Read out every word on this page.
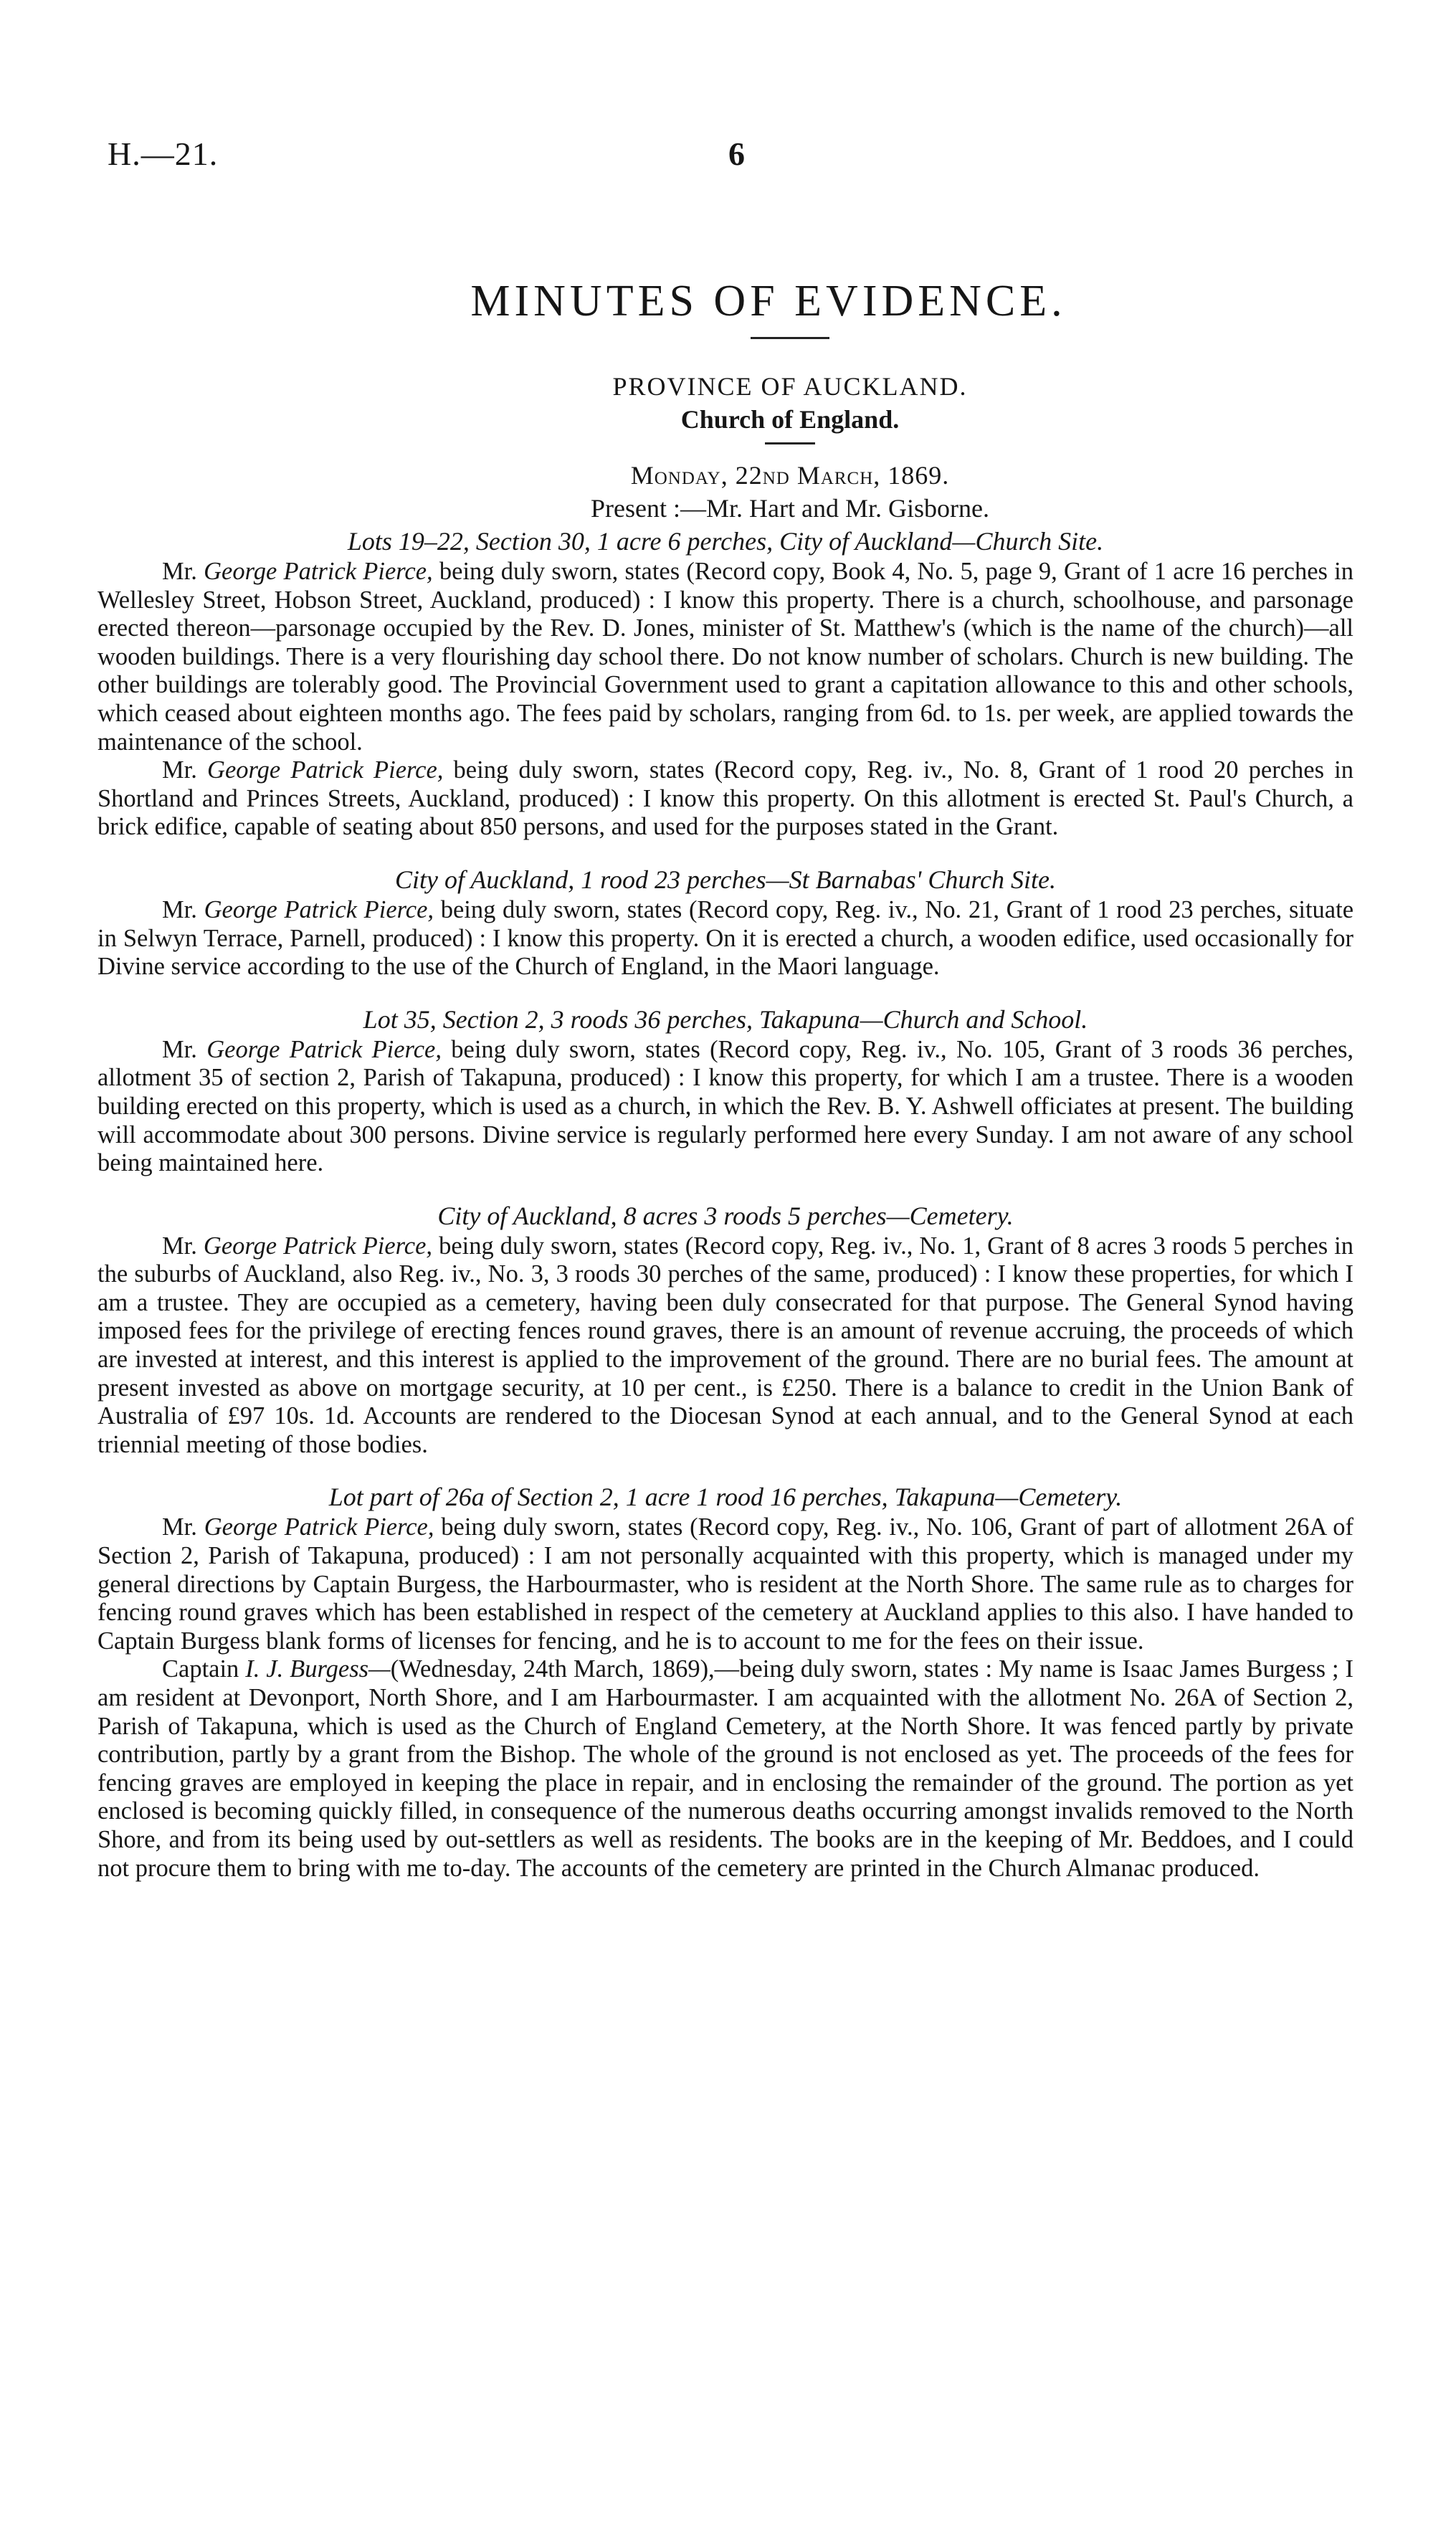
H.—21.	6
MINUTES OF EVIDENCE.
PROVINCE OF AUCKLAND.
Church of England.
Monday, 22nd March, 1869.
Present :—Mr. Hart and Mr. Gisborne.
Lots 19–22, Section 30, 1 acre 6 perches, City of Auckland—Church Site.

Mr. George Patrick Pierce, being duly sworn, states (Record copy, Book 4, No. 5, page 9, Grant of 1 acre 16 perches in Wellesley Street, Hobson Street, Auckland, produced) : I know this property. There is a church, schoolhouse, and parsonage erected thereon—parsonage occupied by the Rev. D. Jones, minister of St. Matthew's (which is the name of the church)—all wooden buildings. There is a very flourishing day school there. Do not know number of scholars. Church is new building. The other buildings are tolerably good. The Provincial Government used to grant a capitation allowance to this and other schools, which ceased about eighteen months ago. The fees paid by scholars, ranging from 6d. to 1s. per week, are applied towards the maintenance of the school.

Mr. George Patrick Pierce, being duly sworn, states (Record copy, Reg. iv., No. 8, Grant of 1 rood 20 perches in Shortland and Princes Streets, Auckland, produced) : I know this property. On this allotment is erected St. Paul's Church, a brick edifice, capable of seating about 850 persons, and used for the purposes stated in the Grant.

City of Auckland, 1 rood 23 perches—St Barnabas' Church Site.

Mr. George Patrick Pierce, being duly sworn, states (Record copy, Reg. iv., No. 21, Grant of 1 rood 23 perches, situate in Selwyn Terrace, Parnell, produced) : I know this property. On it is erected a church, a wooden edifice, used occasionally for Divine service according to the use of the Church of England, in the Maori language.

Lot 35, Section 2, 3 roods 36 perches, Takapuna—Church and School.

Mr. George Patrick Pierce, being duly sworn, states (Record copy, Reg. iv., No. 105, Grant of 3 roods 36 perches, allotment 35 of section 2, Parish of Takapuna, produced) : I know this property, for which I am a trustee. There is a wooden building erected on this property, which is used as a church, in which the Rev. B. Y. Ashwell officiates at present. The building will accommodate about 300 persons. Divine service is regularly performed here every Sunday. I am not aware of any school being maintained here.

City of Auckland, 8 acres 3 roods 5 perches—Cemetery.

Mr. George Patrick Pierce, being duly sworn, states (Record copy, Reg. iv., No. 1, Grant of 8 acres 3 roods 5 perches in the suburbs of Auckland, also Reg. iv., No. 3, 3 roods 30 perches of the same, produced) : I know these properties, for which I am a trustee. They are occupied as a cemetery, having been duly consecrated for that purpose. The General Synod having imposed fees for the privilege of erecting fences round graves, there is an amount of revenue accruing, the proceeds of which are invested at interest, and this interest is applied to the improvement of the ground. There are no burial fees. The amount at present invested as above on mortgage security, at 10 per cent., is £250. There is a balance to credit in the Union Bank of Australia of £97 10s. 1d. Accounts are rendered to the Diocesan Synod at each annual, and to the General Synod at each triennial meeting of those bodies.

Lot part of 26a of Section 2, 1 acre 1 rood 16 perches, Takapuna—Cemetery.

Mr. George Patrick Pierce, being duly sworn, states (Record copy, Reg. iv., No. 106, Grant of part of allotment 26A of Section 2, Parish of Takapuna, produced) : I am not personally acquainted with this property, which is managed under my general directions by Captain Burgess, the Harbourmaster, who is resident at the North Shore. The same rule as to charges for fencing round graves which has been established in respect of the cemetery at Auckland applies to this also. I have handed to Captain Burgess blank forms of licenses for fencing, and he is to account to me for the fees on their issue.

Captain I. J. Burgess—(Wednesday, 24th March, 1869),—being duly sworn, states : My name is Isaac James Burgess ; I am resident at Devonport, North Shore, and I am Harbourmaster. I am acquainted with the allotment No. 26A of Section 2, Parish of Takapuna, which is used as the Church of England Cemetery, at the North Shore. It was fenced partly by private contribution, partly by a grant from the Bishop. The whole of the ground is not enclosed as yet. The proceeds of the fees for fencing graves are employed in keeping the place in repair, and in enclosing the remainder of the ground. The portion as yet enclosed is becoming quickly filled, in consequence of the numerous deaths occurring amongst invalids removed to the North Shore, and from its being used by out-settlers as well as residents. The books are in the keeping of Mr. Beddoes, and I could not procure them to bring with me to-day. The accounts of the cemetery are printed in the Church Almanac produced.
